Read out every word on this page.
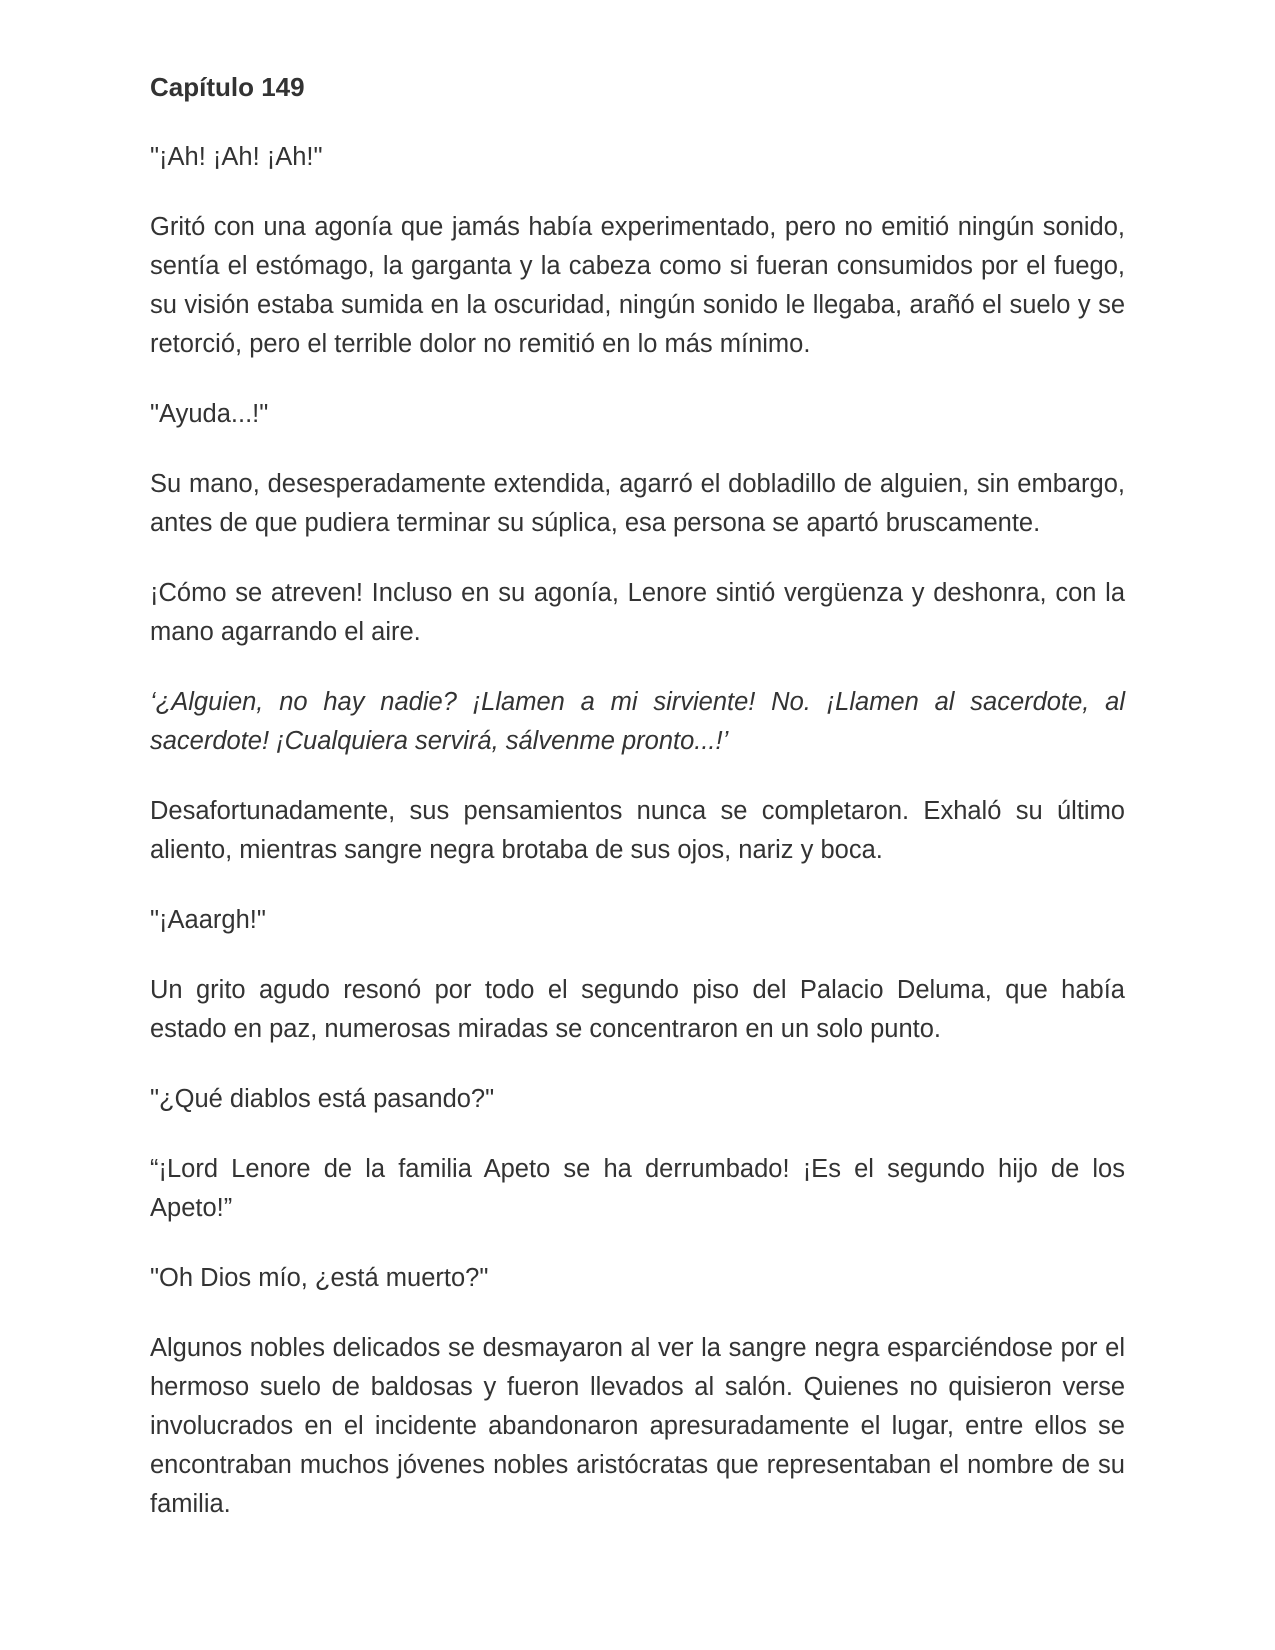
Capítulo 149
"¡Ah! ¡Ah! ¡Ah!"
Gritó con una agonía que jamás había experimentado, pero no emitió ningún sonido, sentía el estómago, la garganta y la cabeza como si fueran consumidos por el fuego, su visión estaba sumida en la oscuridad, ningún sonido le llegaba, arañó el suelo y se retorció, pero el terrible dolor no remitió en lo más mínimo.
"Ayuda...!"
Su mano, desesperadamente extendida, agarró el dobladillo de alguien, sin embargo, antes de que pudiera terminar su súplica, esa persona se apartó bruscamente.
¡Cómo se atreven! Incluso en su agonía, Lenore sintió vergüenza y deshonra, con la mano agarrando el aire.
‘¿Alguien, no hay nadie? ¡Llamen a mi sirviente! No. ¡Llamen al sacerdote, al sacerdote! ¡Cualquiera servirá, sálvenme pronto...!’
Desafortunadamente, sus pensamientos nunca se completaron. Exhaló su último aliento, mientras sangre negra brotaba de sus ojos, nariz y boca.
"¡Aaargh!"
Un grito agudo resonó por todo el segundo piso del Palacio Deluma, que había estado en paz, numerosas miradas se concentraron en un solo punto.
"¿Qué diablos está pasando?"
“¡Lord Lenore de la familia Apeto se ha derrumbado! ¡Es el segundo hijo de los Apeto!”
"Oh Dios mío, ¿está muerto?"
Algunos nobles delicados se desmayaron al ver la sangre negra esparciéndose por el hermoso suelo de baldosas y fueron llevados al salón. Quienes no quisieron verse involucrados en el incidente abandonaron apresuradamente el lugar, entre ellos se encontraban muchos jóvenes nobles aristócratas que representaban el nombre de su familia.
